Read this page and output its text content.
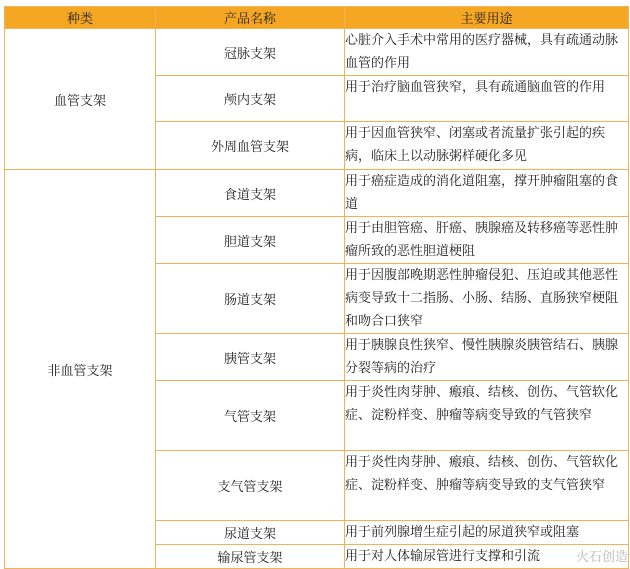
种类	产品名称	主要用途
血管支架	冠脉支架	心脏介入手术中常用的医疗器械，具有疏通动脉血管的作用
	颅内支架	用于治疗脑血管狭窄，具有疏通脑血管的作用
	外周血管支架	用于因血管狭窄、闭塞或者流量扩张引起的疾病，临床上以动脉粥样硬化多见
非血管支架	食道支架	用于癌症造成的消化道阻塞，撑开肿瘤阻塞的食道
	胆道支架	用于由胆管癌、肝癌、胰腺癌及转移癌等恶性肿瘤所致的恶性胆道梗阻
	肠道支架	用于因腹部晚期恶性肿瘤侵犯、压迫或其他恶性病变导致十二指肠、小肠、结肠、直肠狭窄梗阻和吻合口狭窄
	胰管支架	用于胰腺良性狭窄、慢性胰腺炎胰管结石、胰腺分裂等病的治疗
	气管支架	用于炎性肉芽肿、瘢痕、结核、创伤、气管软化症、淀粉样变、肿瘤等病变导致的气管狭窄
	支气管支架	用于炎性肉芽肿、瘢痕、结核、创伤、气管软化症、淀粉样变、肿瘤等病变导致的支气管狭窄
	尿道支架	用于前列腺增生症引起的尿道狭窄或阻塞
	输尿管支架	用于对人体输尿管进行支撑和引流	火石创造
